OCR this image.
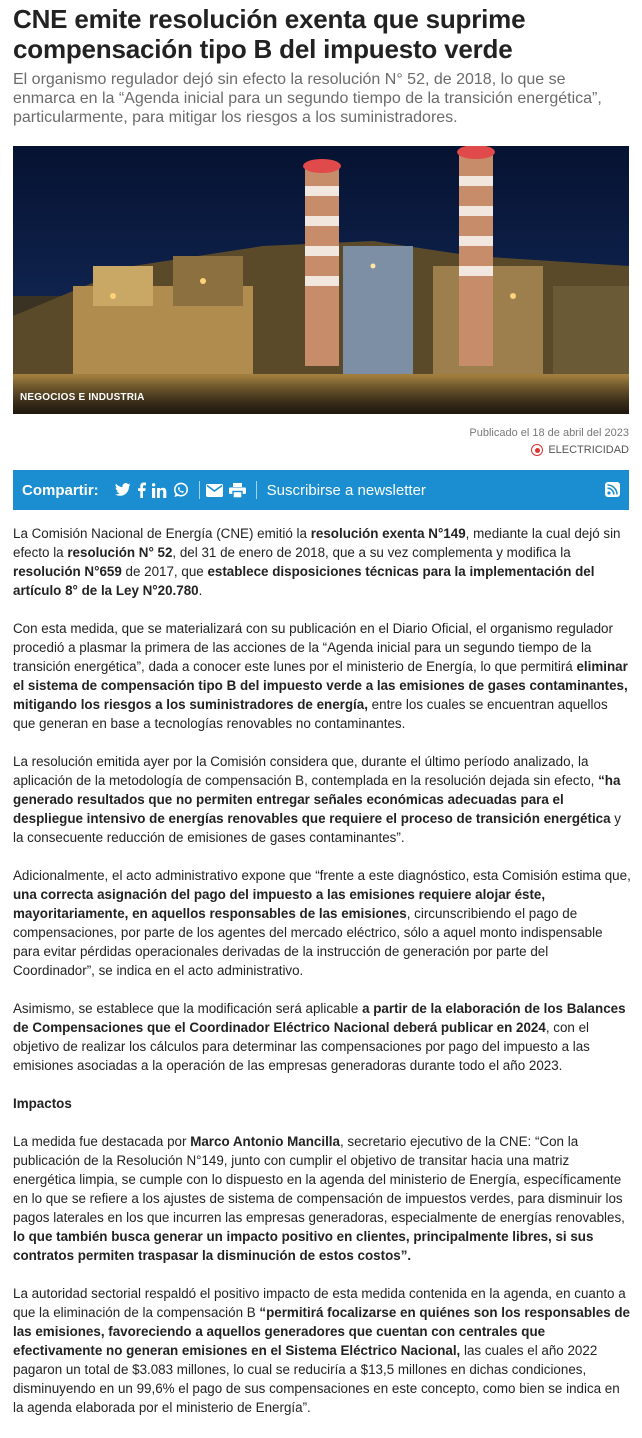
CNE emite resolución exenta que suprime compensación tipo B del impuesto verde

El organismo regulador dejó sin efecto la resolución N° 52, de 2018, lo que se enmarca en la “Agenda inicial para un segundo tiempo de la transición energética”, particularmente, para mitigar los riesgos a los suministradores.

NEGOCIOS E INDUSTRIA
Publicado el 18 de abril del 2023
ELECTRICIDAD
Compartir:	Suscribirse a newsletter

La Comisión Nacional de Energía (CNE) emitió la resolución exenta N°149, mediante la cual dejó sin efecto la resolución N° 52, del 31 de enero de 2018, que a su vez complementa y modifica la resolución N°659 de 2017, que establece disposiciones técnicas para la implementación del artículo 8° de la Ley N°20.780.

Con esta medida, que se materializará con su publicación en el Diario Oficial, el organismo regulador procedió a plasmar la primera de las acciones de la “Agenda inicial para un segundo tiempo de la transición energética”, dada a conocer este lunes por el ministerio de Energía, lo que permitirá eliminar el sistema de compensación tipo B del impuesto verde a las emisiones de gases contaminantes, mitigando los riesgos a los suministradores de energía, entre los cuales se encuentran aquellos que generan en base a tecnologías renovables no contaminantes.

La resolución emitida ayer por la Comisión considera que, durante el último período analizado, la aplicación de la metodología de compensación B, contemplada en la resolución dejada sin efecto, “ha generado resultados que no permiten entregar señales económicas adecuadas para el despliegue intensivo de energías renovables que requiere el proceso de transición energética y la consecuente reducción de emisiones de gases contaminantes”.

Adicionalmente, el acto administrativo expone que “frente a este diagnóstico, esta Comisión estima que, una correcta asignación del pago del impuesto a las emisiones requiere alojar éste, mayoritariamente, en aquellos responsables de las emisiones, circunscribiendo el pago de compensaciones, por parte de los agentes del mercado eléctrico, sólo a aquel monto indispensable para evitar pérdidas operacionales derivadas de la instrucción de generación por parte del Coordinador”, se indica en el acto administrativo.

Asimismo, se establece que la modificación será aplicable a partir de la elaboración de los Balances de Compensaciones que el Coordinador Eléctrico Nacional deberá publicar en 2024, con el objetivo de realizar los cálculos para determinar las compensaciones por pago del impuesto a las emisiones asociadas a la operación de las empresas generadoras durante todo el año 2023.

Impactos

La medida fue destacada por Marco Antonio Mancilla, secretario ejecutivo de la CNE: “Con la publicación de la Resolución N°149, junto con cumplir el objetivo de transitar hacia una matriz energética limpia, se cumple con lo dispuesto en la agenda del ministerio de Energía, específicamente en lo que se refiere a los ajustes de sistema de compensación de impuestos verdes, para disminuir los pagos laterales en los que incurren las empresas generadoras, especialmente de energías renovables, lo que también busca generar un impacto positivo en clientes, principalmente libres, si sus contratos permiten traspasar la disminución de estos costos”.

La autoridad sectorial respaldó el positivo impacto de esta medida contenida en la agenda, en cuanto a que la eliminación de la compensación B “permitirá focalizarse en quiénes son los responsables de las emisiones, favoreciendo a aquellos generadores que cuentan con centrales que efectivamente no generan emisiones en el Sistema Eléctrico Nacional, las cuales el año 2022 pagaron un total de $3.083 millones, lo cual se reduciría a $13,5 millones en dichas condiciones, disminuyendo en un 99,6% el pago de sus compensaciones en este concepto, como bien se indica en la agenda elaborada por el ministerio de Energía”.
